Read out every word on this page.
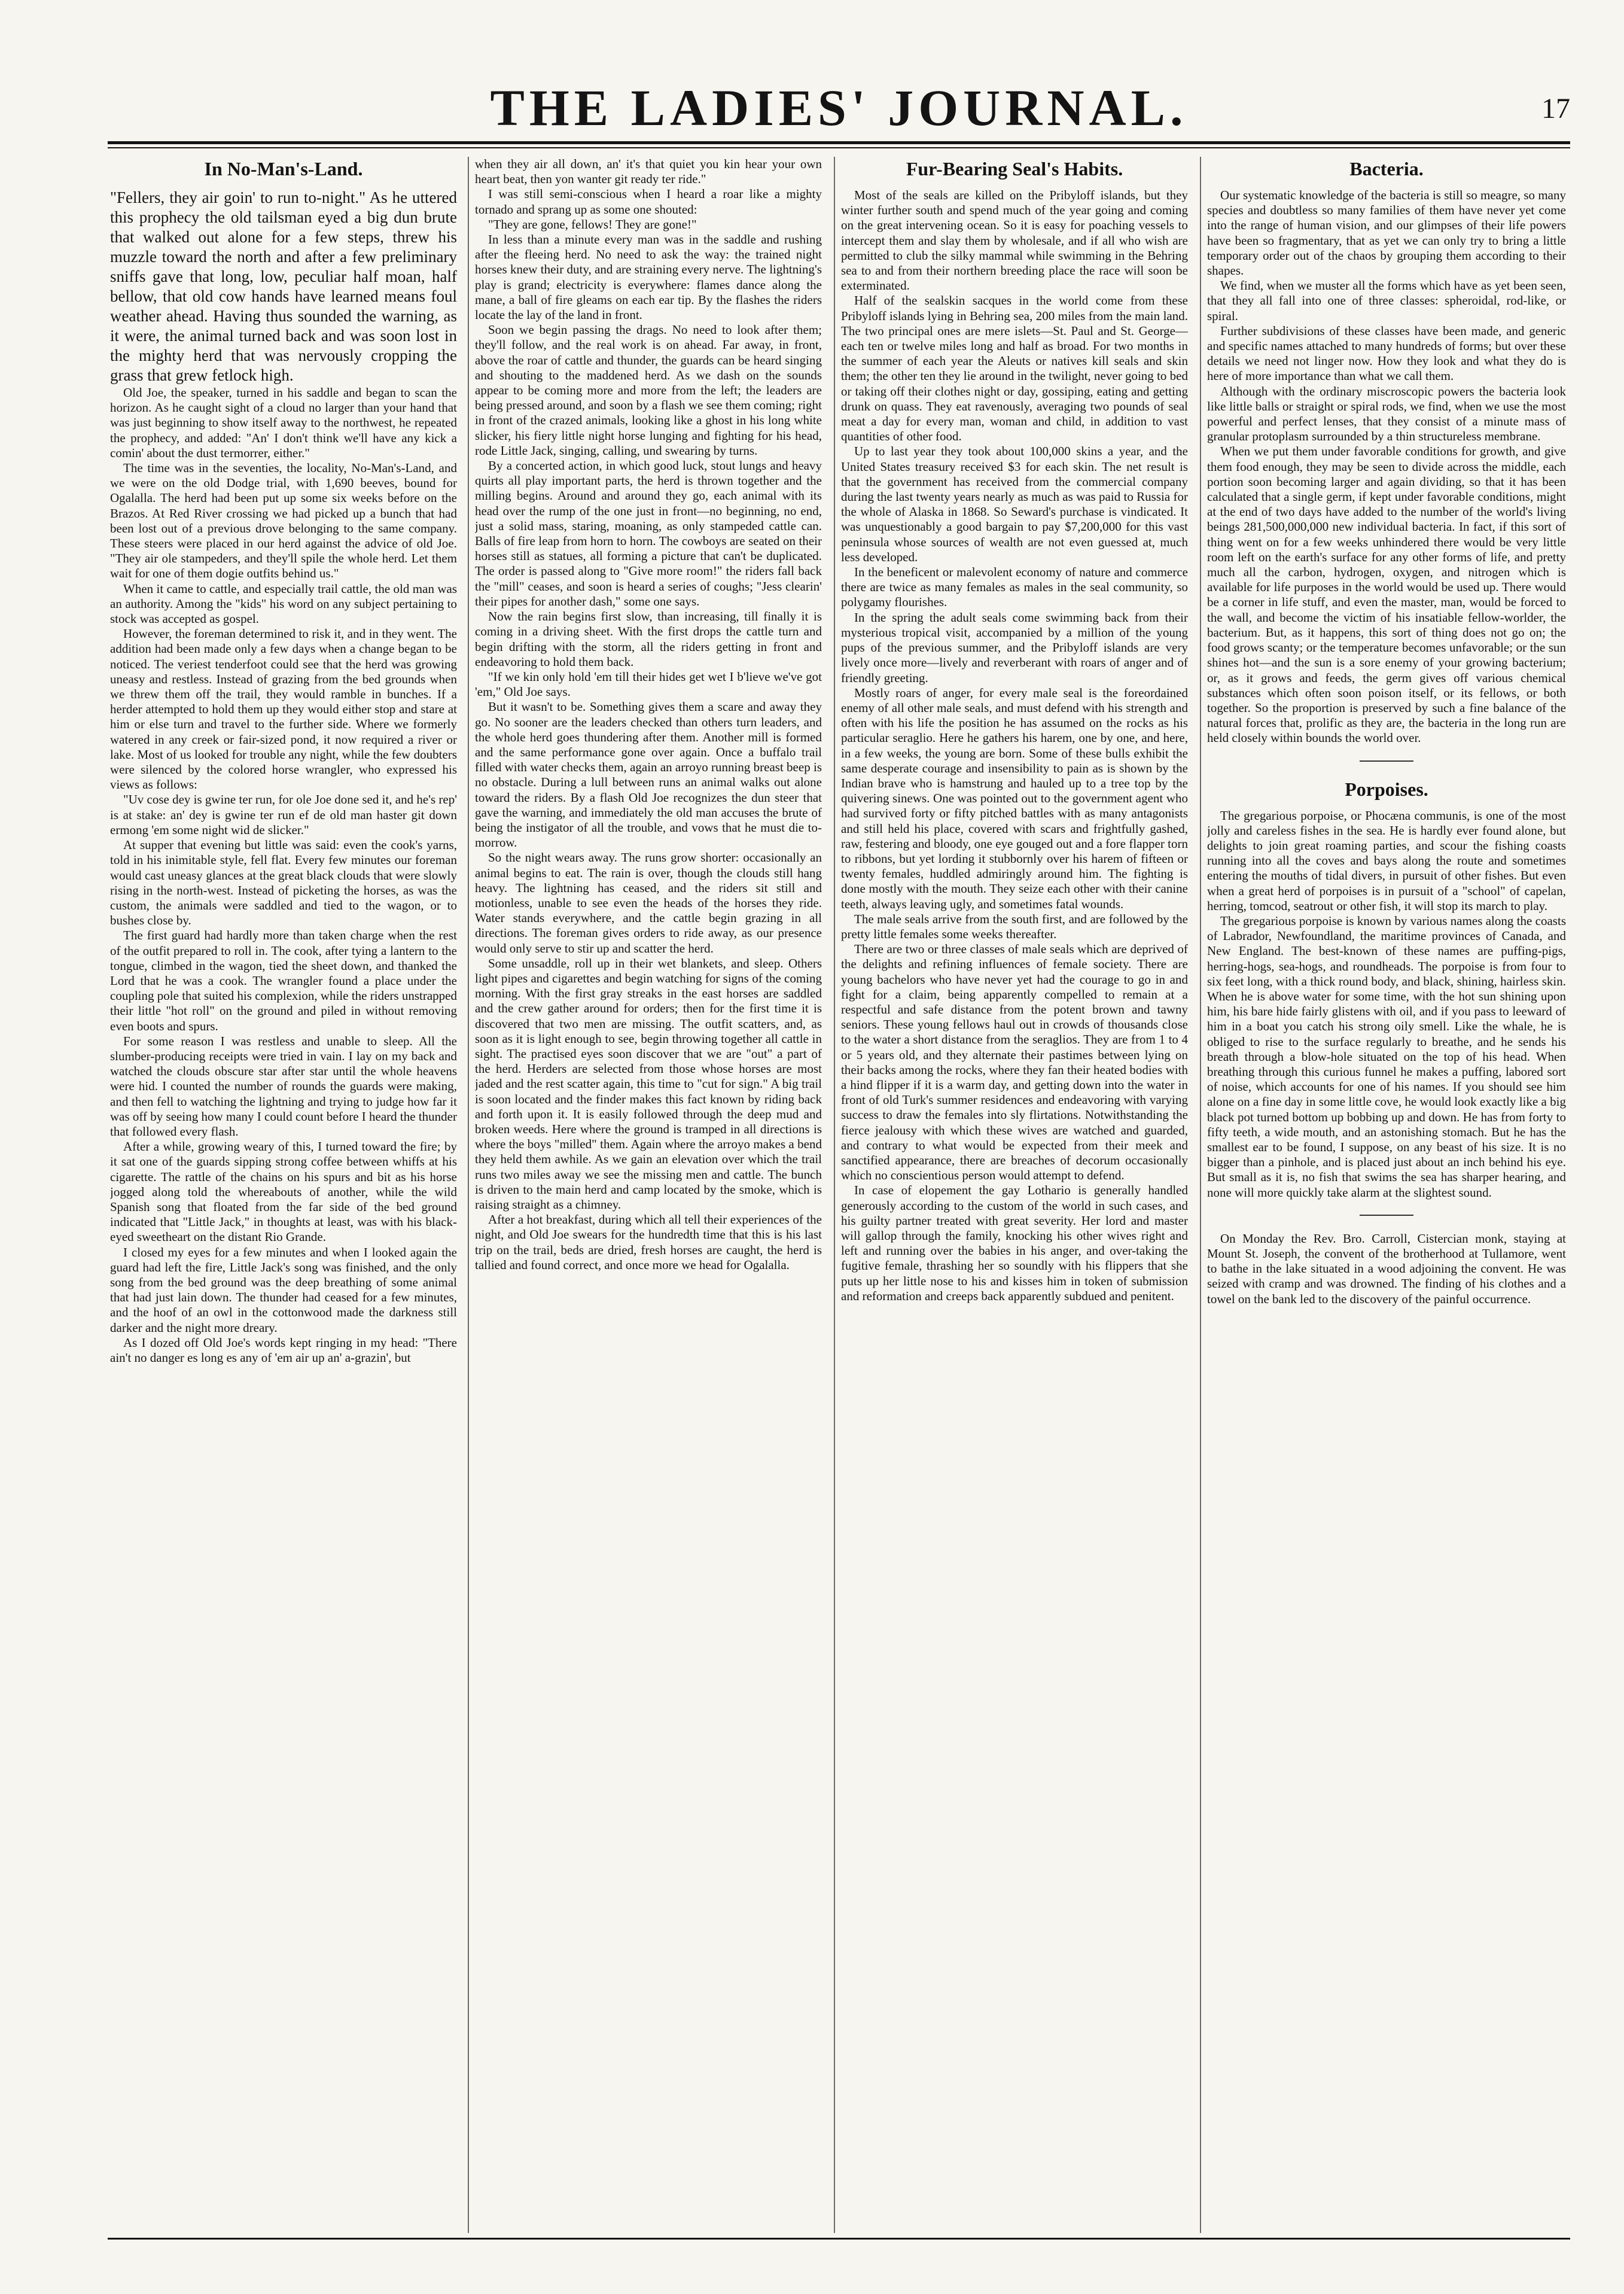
THE LADIES' JOURNAL.	17
In No-Man's-Land.

"Fellers, they air goin' to run to-night." As he uttered this prophecy the old tailsman eyed a big dun brute that walked out alone for a few steps, threw his muzzle toward the north and after a few preliminary sniffs gave that long, low, peculiar half moan, half bellow, that old cow hands have learned means foul weather ahead. Having thus sounded the warning, as it were, the animal turned back and was soon lost in the mighty herd that was nervously cropping the grass that grew fetlock high.

Old Joe, the speaker, turned in his saddle and began to scan the horizon. As he caught sight of a cloud no larger than your hand that was just beginning to show itself away to the northwest, he repeated the prophecy, and added: "An' I don't think we'll have any kick a comin' about the dust termorrer, either."

The time was in the seventies, the locality, No-Man's-Land, and we were on the old Dodge trial, with 1,690 beeves, bound for Ogalalla. The herd had been put up some six weeks before on the Brazos. At Red River crossing we had picked up a bunch that had been lost out of a previous drove belonging to the same company. These steers were placed in our herd against the advice of old Joe. "They air ole stampeders, and they'll spile the whole herd. Let them wait for one of them dogie outfits behind us."

When it came to cattle, and especially trail cattle, the old man was an authority. Among the "kids" his word on any subject pertaining to stock was accepted as gospel.

However, the foreman determined to risk it, and in they went. The addition had been made only a few days when a change began to be noticed. The veriest tenderfoot could see that the herd was growing uneasy and restless. Instead of grazing from the bed grounds when we threw them off the trail, they would ramble in bunches. If a herder attempted to hold them up they would either stop and stare at him or else turn and travel to the further side. Where we formerly watered in any creek or fair-sized pond, it now required a river or lake. Most of us looked for trouble any night, while the few doubters were silenced by the colored horse wrangler, who expressed his views as follows:

"Uv cose dey is gwine ter run, for ole Joe done sed it, and he's rep' is at stake: an' dey is gwine ter run ef de old man haster git down ermong 'em some night wid de slicker."

At supper that evening but little was said: even the cook's yarns, told in his inimitable style, fell flat. Every few minutes our foreman would cast uneasy glances at the great black clouds that were slowly rising in the north-west. Instead of picketing the horses, as was the custom, the animals were saddled and tied to the wagon, or to bushes close by.

The first guard had hardly more than taken charge when the rest of the outfit prepared to roll in. The cook, after tying a lantern to the tongue, climbed in the wagon, tied the sheet down, and thanked the Lord that he was a cook. The wrangler found a place under the coupling pole that suited his complexion, while the riders unstrapped their little "hot roll" on the ground and piled in without removing even boots and spurs.

For some reason I was restless and unable to sleep. All the slumber-producing receipts were tried in vain. I lay on my back and watched the clouds obscure star after star until the whole heavens were hid. I counted the number of rounds the guards were making, and then fell to watching the lightning and trying to judge how far it was off by seeing how many I could count before I heard the thunder that followed every flash.

After a while, growing weary of this, I turned toward the fire; by it sat one of the guards sipping strong coffee between whiffs at his cigarette. The rattle of the chains on his spurs and bit as his horse jogged along told the whereabouts of another, while the wild Spanish song that floated from the far side of the bed ground indicated that "Little Jack," in thoughts at least, was with his black-eyed sweetheart on the distant Rio Grande.

I closed my eyes for a few minutes and when I looked again the guard had left the fire, Little Jack's song was finished, and the only song from the bed ground was the deep breathing of some animal that had just lain down. The thunder had ceased for a few minutes, and the hoof of an owl in the cottonwood made the darkness still darker and the night more dreary.

As I dozed off Old Joe's words kept ringing in my head: "There ain't no danger es long es any of 'em air up an' a-grazin', but

when they air all down, an' it's that quiet you kin hear your own heart beat, then yon wanter git ready ter ride."

I was still semi-conscious when I heard a roar like a mighty tornado and sprang up as some one shouted:

"They are gone, fellows! They are gone!"

In less than a minute every man was in the saddle and rushing after the fleeing herd. No need to ask the way: the trained night horses knew their duty, and are straining every nerve. The lightning's play is grand; electricity is everywhere: flames dance along the mane, a ball of fire gleams on each ear tip. By the flashes the riders locate the lay of the land in front.

Soon we begin passing the drags. No need to look after them; they'll follow, and the real work is on ahead. Far away, in front, above the roar of cattle and thunder, the guards can be heard singing and shouting to the maddened herd. As we dash on the sounds appear to be coming more and more from the left; the leaders are being pressed around, and soon by a flash we see them coming; right in front of the crazed animals, looking like a ghost in his long white slicker, his fiery little night horse lunging and fighting for his head, rode Little Jack, singing, calling, und swearing by turns.

By a concerted action, in which good luck, stout lungs and heavy quirts all play important parts, the herd is thrown together and the milling begins. Around and around they go, each animal with its head over the rump of the one just in front—no beginning, no end, just a solid mass, staring, moaning, as only stampeded cattle can. Balls of fire leap from horn to horn. The cowboys are seated on their horses still as statues, all forming a picture that can't be duplicated. The order is passed along to "Give more room!" the riders fall back the "mill" ceases, and soon is heard a series of coughs; "Jess clearin' their pipes for another dash," some one says.

Now the rain begins first slow, than increasing, till finally it is coming in a driving sheet. With the first drops the cattle turn and begin drifting with the storm, all the riders getting in front and endeavoring to hold them back.

"If we kin only hold 'em till their hides get wet I b'lieve we've got 'em," Old Joe says.

But it wasn't to be. Something gives them a scare and away they go. No sooner are the leaders checked than others turn leaders, and the whole herd goes thundering after them. Another mill is formed and the same performance gone over again. Once a buffalo trail filled with water checks them, again an arroyo running breast beep is no obstacle. During a lull between runs an animal walks out alone toward the riders. By a flash Old Joe recognizes the dun steer that gave the warning, and immediately the old man accuses the brute of being the instigator of all the trouble, and vows that he must die to-morrow.

So the night wears away. The runs grow shorter: occasionally an animal begins to eat. The rain is over, though the clouds still hang heavy. The lightning has ceased, and the riders sit still and motionless, unable to see even the heads of the horses they ride. Water stands everywhere, and the cattle begin grazing in all directions. The foreman gives orders to ride away, as our presence would only serve to stir up and scatter the herd.

Some unsaddle, roll up in their wet blankets, and sleep. Others light pipes and cigarettes and begin watching for signs of the coming morning. With the first gray streaks in the east horses are saddled and the crew gather around for orders; then for the first time it is discovered that two men are missing. The outfit scatters, and, as soon as it is light enough to see, begin throwing together all cattle in sight. The practised eyes soon discover that we are "out" a part of the herd. Herders are selected from those whose horses are most jaded and the rest scatter again, this time to "cut for sign." A big trail is soon located and the finder makes this fact known by riding back and forth upon it. It is easily followed through the deep mud and broken weeds. Here where the ground is tramped in all directions is where the boys "milled" them. Again where the arroyo makes a bend they held them awhile. As we gain an elevation over which the trail runs two miles away we see the missing men and cattle. The bunch is driven to the main herd and camp located by the smoke, which is raising straight as a chimney.

After a hot breakfast, during which all tell their experiences of the night, and Old Joe swears for the hundredth time that this is his last trip on the trail, beds are dried, fresh horses are caught, the herd is tallied and found correct, and once more we head for Ogalalla.

Fur-Bearing Seal's Habits.

Most of the seals are killed on the Pribyloff islands, but they winter further south and spend much of the year going and coming on the great intervening ocean. So it is easy for poaching vessels to intercept them and slay them by wholesale, and if all who wish are permitted to club the silky mammal while swimming in the Behring sea to and from their northern breeding place the race will soon be exterminated.

Half of the sealskin sacques in the world come from these Pribyloff islands lying in Behring sea, 200 miles from the main land. The two principal ones are mere islets—St. Paul and St. George—each ten or twelve miles long and half as broad. For two months in the summer of each year the Aleuts or natives kill seals and skin them; the other ten they lie around in the twilight, never going to bed or taking off their clothes night or day, gossiping, eating and getting drunk on quass. They eat ravenously, averaging two pounds of seal meat a day for every man, woman and child, in addition to vast quantities of other food.

Up to last year they took about 100,000 skins a year, and the United States treasury received $3 for each skin. The net result is that the government has received from the commercial company during the last twenty years nearly as much as was paid to Russia for the whole of Alaska in 1868. So Seward's purchase is vindicated. It was unquestionably a good bargain to pay $7,200,000 for this vast peninsula whose sources of wealth are not even guessed at, much less developed.

In the beneficent or malevolent economy of nature and commerce there are twice as many females as males in the seal community, so polygamy flourishes.

In the spring the adult seals come swimming back from their mysterious tropical visit, accompanied by a million of the young pups of the previous summer, and the Pribyloff islands are very lively once more—lively and reverberant with roars of anger and of friendly greeting.

Mostly roars of anger, for every male seal is the foreordained enemy of all other male seals, and must defend with his strength and often with his life the position he has assumed on the rocks as his particular seraglio. Here he gathers his harem, one by one, and here, in a few weeks, the young are born. Some of these bulls exhibit the same desperate courage and insensibility to pain as is shown by the Indian brave who is hamstrung and hauled up to a tree top by the quivering sinews. One was pointed out to the government agent who had survived forty or fifty pitched battles with as many antagonists and still held his place, covered with scars and frightfully gashed, raw, festering and bloody, one eye gouged out and a fore flapper torn to ribbons, but yet lording it stubbornly over his harem of fifteen or twenty females, huddled admiringly around him. The fighting is done mostly with the mouth. They seize each other with their canine teeth, always leaving ugly, and sometimes fatal wounds.

The male seals arrive from the south first, and are followed by the pretty little females some weeks thereafter.

There are two or three classes of male seals which are deprived of the delights and refining influences of female society. There are young bachelors who have never yet had the courage to go in and fight for a claim, being apparently compelled to remain at a respectful and safe distance from the potent brown and tawny seniors. These young fellows haul out in crowds of thousands close to the water a short distance from the seraglios. They are from 1 to 4 or 5 years old, and they alternate their pastimes between lying on their backs among the rocks, where they fan their heated bodies with a hind flipper if it is a warm day, and getting down into the water in front of old Turk's summer residences and endeavoring with varying success to draw the females into sly flirtations. Notwithstanding the fierce jealousy with which these wives are watched and guarded, and contrary to what would be expected from their meek and sanctified appearance, there are breaches of decorum occasionally which no conscientious person would attempt to defend.

In case of elopement the gay Lothario is generally handled generously according to the custom of the world in such cases, and his guilty partner treated with great severity. Her lord and master will gallop through the family, knocking his other wives right and left and running over the babies in his anger, and over-taking the fugitive female, thrashing her so soundly with his flippers that she puts up her little nose to his and kisses him in token of submission and reformation and creeps back apparently subdued and penitent.

Bacteria.

Our systematic knowledge of the bacteria is still so meagre, so many species and doubtless so many families of them have never yet come into the range of human vision, and our glimpses of their life powers have been so fragmentary, that as yet we can only try to bring a little temporary order out of the chaos by grouping them according to their shapes.

We find, when we muster all the forms which have as yet been seen, that they all fall into one of three classes: spheroidal, rod-like, or spiral.

Further subdivisions of these classes have been made, and generic and specific names attached to many hundreds of forms; but over these details we need not linger now. How they look and what they do is here of more importance than what we call them.

Although with the ordinary miscroscopic powers the bacteria look like little balls or straight or spiral rods, we find, when we use the most powerful and perfect lenses, that they consist of a minute mass of granular protoplasm surrounded by a thin structureless membrane.

When we put them under favorable conditions for growth, and give them food enough, they may be seen to divide across the middle, each portion soon becoming larger and again dividing, so that it has been calculated that a single germ, if kept under favorable conditions, might at the end of two days have added to the number of the world's living beings 281,500,000,000 new individual bacteria. In fact, if this sort of thing went on for a few weeks unhindered there would be very little room left on the earth's surface for any other forms of life, and pretty much all the carbon, hydrogen, oxygen, and nitrogen which is available for life purposes in the world would be used up. There would be a corner in life stuff, and even the master, man, would be forced to the wall, and become the victim of his insatiable fellow-worlder, the bacterium. But, as it happens, this sort of thing does not go on; the food grows scanty; or the temperature becomes unfavorable; or the sun shines hot—and the sun is a sore enemy of your growing bacterium; or, as it grows and feeds, the germ gives off various chemical substances which often soon poison itself, or its fellows, or both together. So the proportion is preserved by such a fine balance of the natural forces that, prolific as they are, the bacteria in the long run are held closely within bounds the world over.

Porpoises.

The gregarious porpoise, or Phocæna communis, is one of the most jolly and careless fishes in the sea. He is hardly ever found alone, but delights to join great roaming parties, and scour the fishing coasts running into all the coves and bays along the route and sometimes entering the mouths of tidal divers, in pursuit of other fishes. But even when a great herd of porpoises is in pursuit of a "school" of capelan, herring, tomcod, seatrout or other fish, it will stop its march to play.

The gregarious porpoise is known by various names along the coasts of Labrador, Newfoundland, the maritime provinces of Canada, and New England. The best-known of these names are puffing-pigs, herring-hogs, sea-hogs, and roundheads. The porpoise is from four to six feet long, with a thick round body, and black, shining, hairless skin. When he is above water for some time, with the hot sun shining upon him, his bare hide fairly glistens with oil, and if you pass to leeward of him in a boat you catch his strong oily smell. Like the whale, he is obliged to rise to the surface regularly to breathe, and he sends his breath through a blow-hole situated on the top of his head. When breathing through this curious funnel he makes a puffing, labored sort of noise, which accounts for one of his names. If you should see him alone on a fine day in some little cove, he would look exactly like a big black pot turned bottom up bobbing up and down. He has from forty to fifty teeth, a wide mouth, and an astonishing stomach. But he has the smallest ear to be found, I suppose, on any beast of his size. It is no bigger than a pinhole, and is placed just about an inch behind his eye. But small as it is, no fish that swims the sea has sharper hearing, and none will more quickly take alarm at the slightest sound.

On Monday the Rev. Bro. Carroll, Cistercian monk, staying at Mount St. Joseph, the convent of the brotherhood at Tullamore, went to bathe in the lake situated in a wood adjoining the convent. He was seized with cramp and was drowned. The finding of his clothes and a towel on the bank led to the discovery of the painful occurrence.
